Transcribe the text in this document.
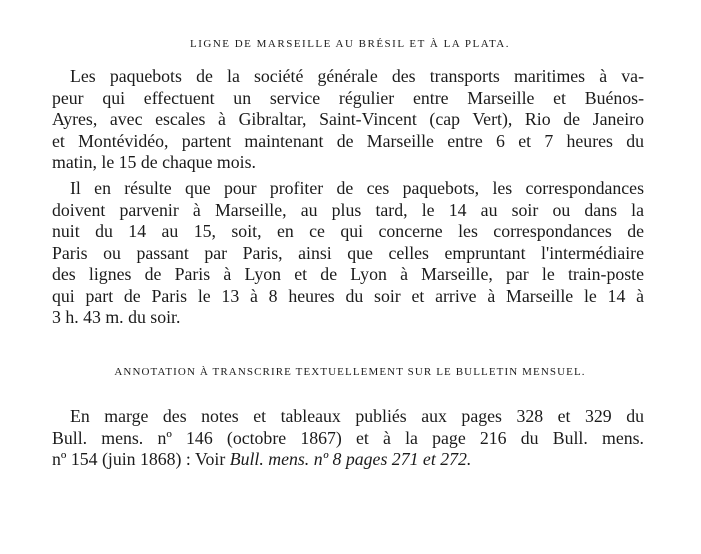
LIGNE DE MARSEILLE AU BRÉSIL ET À LA PLATA.
Les paquebots de la société générale des transports maritimes à va-
peur qui effectuent un service régulier entre Marseille et Buénos-
Ayres, avec escales à Gibraltar, Saint-Vincent (cap Vert), Rio de Janeiro
et Montévidéo, partent maintenant de Marseille entre 6 et 7 heures du
matin, le 15 de chaque mois.
Il en résulte que pour profiter de ces paquebots, les correspondances
doivent parvenir à Marseille, au plus tard, le 14 au soir ou dans la
nuit du 14 au 15, soit, en ce qui concerne les correspondances de
Paris ou passant par Paris, ainsi que celles empruntant l'intermédiaire
des lignes de Paris à Lyon et de Lyon à Marseille, par le train-poste
qui part de Paris le 13 à 8 heures du soir et arrive à Marseille le 14 à
3 h. 43 m. du soir.
ANNOTATION À TRANSCRIRE TEXTUELLEMENT SUR LE BULLETIN MENSUEL.
En marge des notes et tableaux publiés aux pages 328 et 329 du
Bull. mens. nº 146 (octobre 1867) et à la page 216 du Bull. mens.
nº 154 (juin 1868) : Voir Bull. mens. nº 8 pages 271 et 272.
